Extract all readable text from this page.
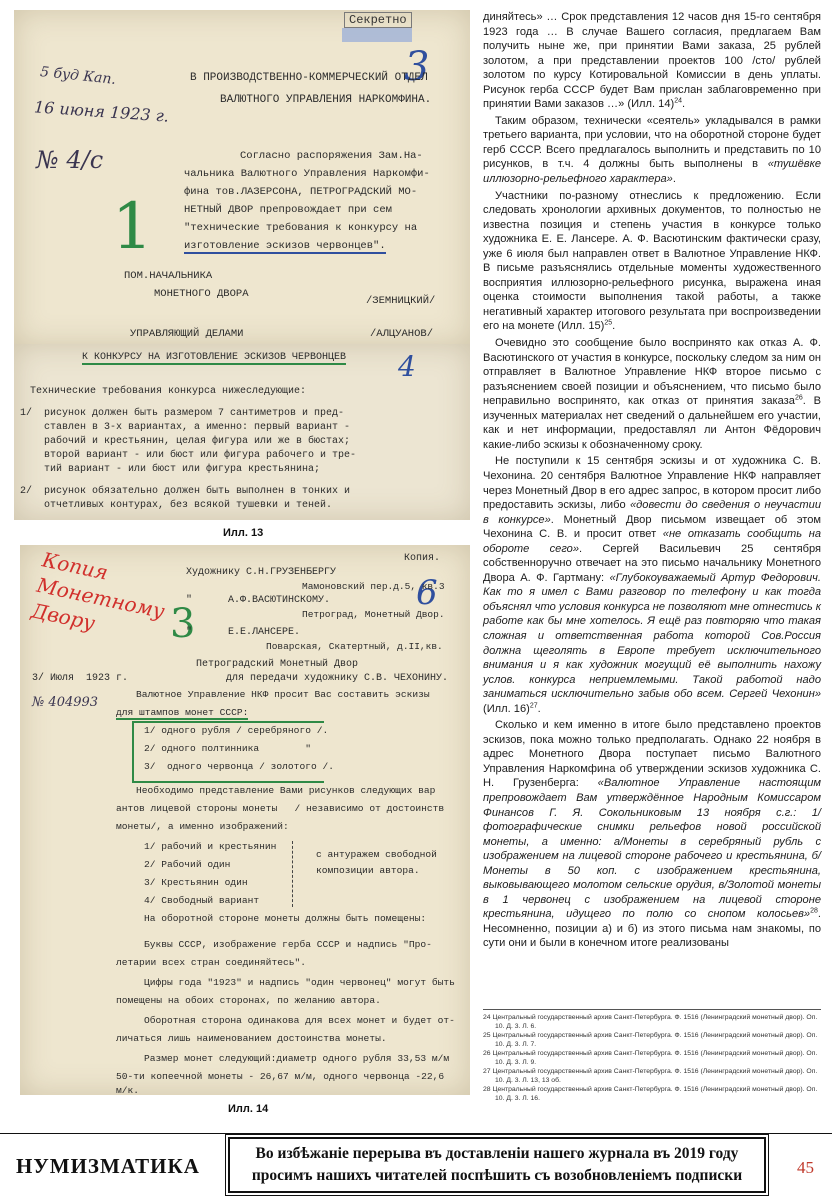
Секретно
5 буд Кап.
16 июня 1923 г.
№ 4/с
1
3
В ПРОИЗВОДСТВЕННО-КОММЕРЧЕСКИЙ ОТДЕЛ
ВАЛЮТНОГО УПРАВЛЕНИЯ НАРКОМФИНА.
Согласно распоряжения Зам.На-
чальника Валютного Управления Наркомфи-
фина тов.ЛАЗЕРСОНА, ПЕТРОГРАДСКИЙ МО-
НЕТНЫЙ ДВОР препровождает при сем
"технические требования к конкурсу на
изготовление эскизов червонцев".
ПОМ.НАЧАЛЬНИКА
МОНЕТНОГО ДВОРА
/ЗЕМНИЦКИЙ/
УПРАВЛЯЮЩИЙ ДЕЛАМИ	/АЛЦУАНОВ/
К КОНКУРСУ НА ИЗГОТОВЛЕНИЕ ЭСКИЗОВ ЧЕРВОНЦЕВ 4
Технические требования конкурса нижеследующие:
1/  рисунок должен быть размером 7 сантиметров и пред-
ставлен в 3-х вариантах, а именно: первый вариант -
рабочий и крестьянин, целая фигура или же в бюстах;
второй вариант - или бюст или фигура рабочего и тре-
тий вариант - или бюст или фигура крестьянина;
2/  рисунок обязательно должен быть выполнен в тонких и
отчетливых контурах, без всякой тушевки и теней.
Илл. 13
Копия Монетному Двору	3
6
Копия.
Художнику С.Н.ГРУЗЕНБЕРГУ
Мамоновский пер.д.5, кв.3
"      А.Ф.ВАСЮТИНСКОМУ.
Петроград, Монетный Двор.
"      Е.Е.ЛАНСЕРЕ.
Поварская, Скатертный, д.II,кв.
Петроградский Монетный Двор
для передачи художнику С.В. ЧЕХОНИНУ.
3/ Июля  1923 г.
№ 404993
Валютное Управление НКФ просит Вас составить эскизы
для штампов монет СССР:
1/ одного рубля / серебряного /.
2/ одного полтинника        "
3/  одного червонца / золотого /.
Необходимо представление Вами рисунков следующих вар
антов лицевой стороны монеты   / независимо от достоинств
монеты/, а именно изображений:
1/ рабочий и крестьянин
2/ Рабочий один
3/ Крестьянин один
4/ Свободный вариант
с антуражем свободной
композиции автора.
На оборотной стороне монеты должны быть помещены:
Буквы СССР, изображение герба СССР и надпись "Про-
летарии всех стран соединяйтесь".
Цифры года "1923" и надпись "один червонец" могут быть
помещены на обоих сторонах, по желанию автора.
Оборотная сторона одинакова для всех монет и будет от-
личаться лишь наименованием достоинства монеты.
Размер монет следующий:диаметр одного рубля 33,53 м/м
50-ти копеечной монеты - 26,67 м/м, одного червонца -22,6
м/к.
Илл. 14

диняйтесь» … Срок представления 12 часов дня 15-го сентября 1923 года … В случае Вашего согласия, предлагаем Вам получить ныне же, при принятии Вами заказа, 25 рублей золотом, а при представлении проектов 100 /сто/ рублей золотом по курсу Котировальной Комиссии в день уплаты. Рисунок герба СССР будет Вам прислан заблаговременно при принятии Вами заказов …» (Илл. 14)$^{24}$.

Таким образом, технически «сеятель» укладывался в рамки третьего варианта, при условии, что на оборотной стороне будет герб СССР. Всего предлагалось выполнить и представить по 10 рисунков, в т.ч. 4 должны быть выполнены в «тушёвке иллюзорно-рельефного характера».

Участники по-разному отнеслись к предложению. Если следовать хронологии архивных документов, то полностью не известна позиция и степень участия в конкурсе только художника Е. Е. Лансере. А. Ф. Васютинским фактически сразу, уже 6 июля был направлен ответ в Валютное Управление НКФ. В письме разъяснялись отдельные моменты художественного восприятия иллюзорно-рельефного рисунка, выражена иная оценка стоимости выполнения такой работы, а также негативный характер итогового результата при воспроизведении его на монете (Илл. 15)$^{25}$.

Очевидно это сообщение было воспринято как отказ А. Ф. Васютинского от участия в конкурсе, поскольку следом за ним он отправляет в Валютное Управление НКФ второе письмо с разъяснением своей позиции и объяснением, что письмо было неправильно воспринято, как отказ от принятия заказа$^{26}$. В изученных материалах нет сведений о дальнейшем его участии, как и нет информации, предоставлял ли Антон Фёдорович какие-либо эскизы к обозначенному сроку.

Не поступили к 15 сентября эскизы и от художника С. В. Чехонина. 20 сентября Валютное Управление НКФ направляет через Монетный Двор в его адрес запрос, в котором просит либо предоставить эскизы, либо «довести до сведения о неучастии в конкурсе». Монетный Двор письмом извещает об этом Чехонина С. В. и просит ответ «не отказать сообщить на обороте сего». Сергей Васильевич 25 сентября собственноручно отвечает на это письмо начальнику Монетного Двора А. Ф. Гартману: «Глубокоуважаемый Артур Федорович. Как то я имел с Вами разговор по телефону и как тогда объяснял что условия конкурса не позволяют мне отнестись к работе как бы мне хотелось. Я ещё раз повторяю что такая сложная и ответственная работа которой Сов.Россия должна щеголять в Европе требует исключительного внимания и я как художник могущий её выполнить нахожу услов. конкурса неприемлемыми. Такой работой надо заниматься исключительно забыв обо всем. Сергей Чехонин» (Илл. 16)$^{27}$.

Сколько и кем именно в итоге было представлено проектов эскизов, пока можно только предполагать. Однако 22 ноября в адрес Монетного Двора поступает письмо Валютного Управления Наркомфина об утверждении эскизов художника С. Н. Грузенберга: «Валютное Управление настоящим препровождает Вам утверждённое Народным Комиссаром Финансов Г. Я. Сокольниковым 13 ноября с.г.: 1/фотографические снимки рельефов новой российской монеты, а именно: а/Монеты в серебряный рубль с изображением на лицевой стороне рабочего и крестьянина, б/Монеты в 50 коп. с изображением крестьянина, выковывающего молотом сельские орудия, в/Золотой монеты в 1 червонец с изображением на лицевой стороне крестьянина, идущего по полю со снопом колосьев»$^{28}$. Несомненно, позиции а) и б) из этого письма нам знакомы, по сути они и были в конечном итоге реализованы

24 Центральный государственный архив Санкт-Петербурга. Ф. 1516 (Ленинградский монетный двор). Оп. 10. Д. 3. Л. 6.
25 Центральный государственный архив Санкт-Петербурга. Ф. 1516 (Ленинградский монетный двор). Оп. 10. Д. 3. Л. 7.
26 Центральный государственный архив Санкт-Петербурга. Ф. 1516 (Ленинградский монетный двор). Оп. 10. Д. 3. Л. 9.
27 Центральный государственный архив Санкт-Петербурга. Ф. 1516 (Ленинградский монетный двор). Оп. 10. Д. 3. Л. 13, 13 об.
28 Центральный государственный архив Санкт-Петербурга. Ф. 1516 (Ленинградский монетный двор). Оп. 10. Д. 3. Л. 16.
НУМИЗМАТИКА
Во избѣжанiе перерыва въ доставленiи нашего журнала въ 2019 году
просимъ нашихъ читателей поспѣшить съ возобновленiемъ подписки	45
